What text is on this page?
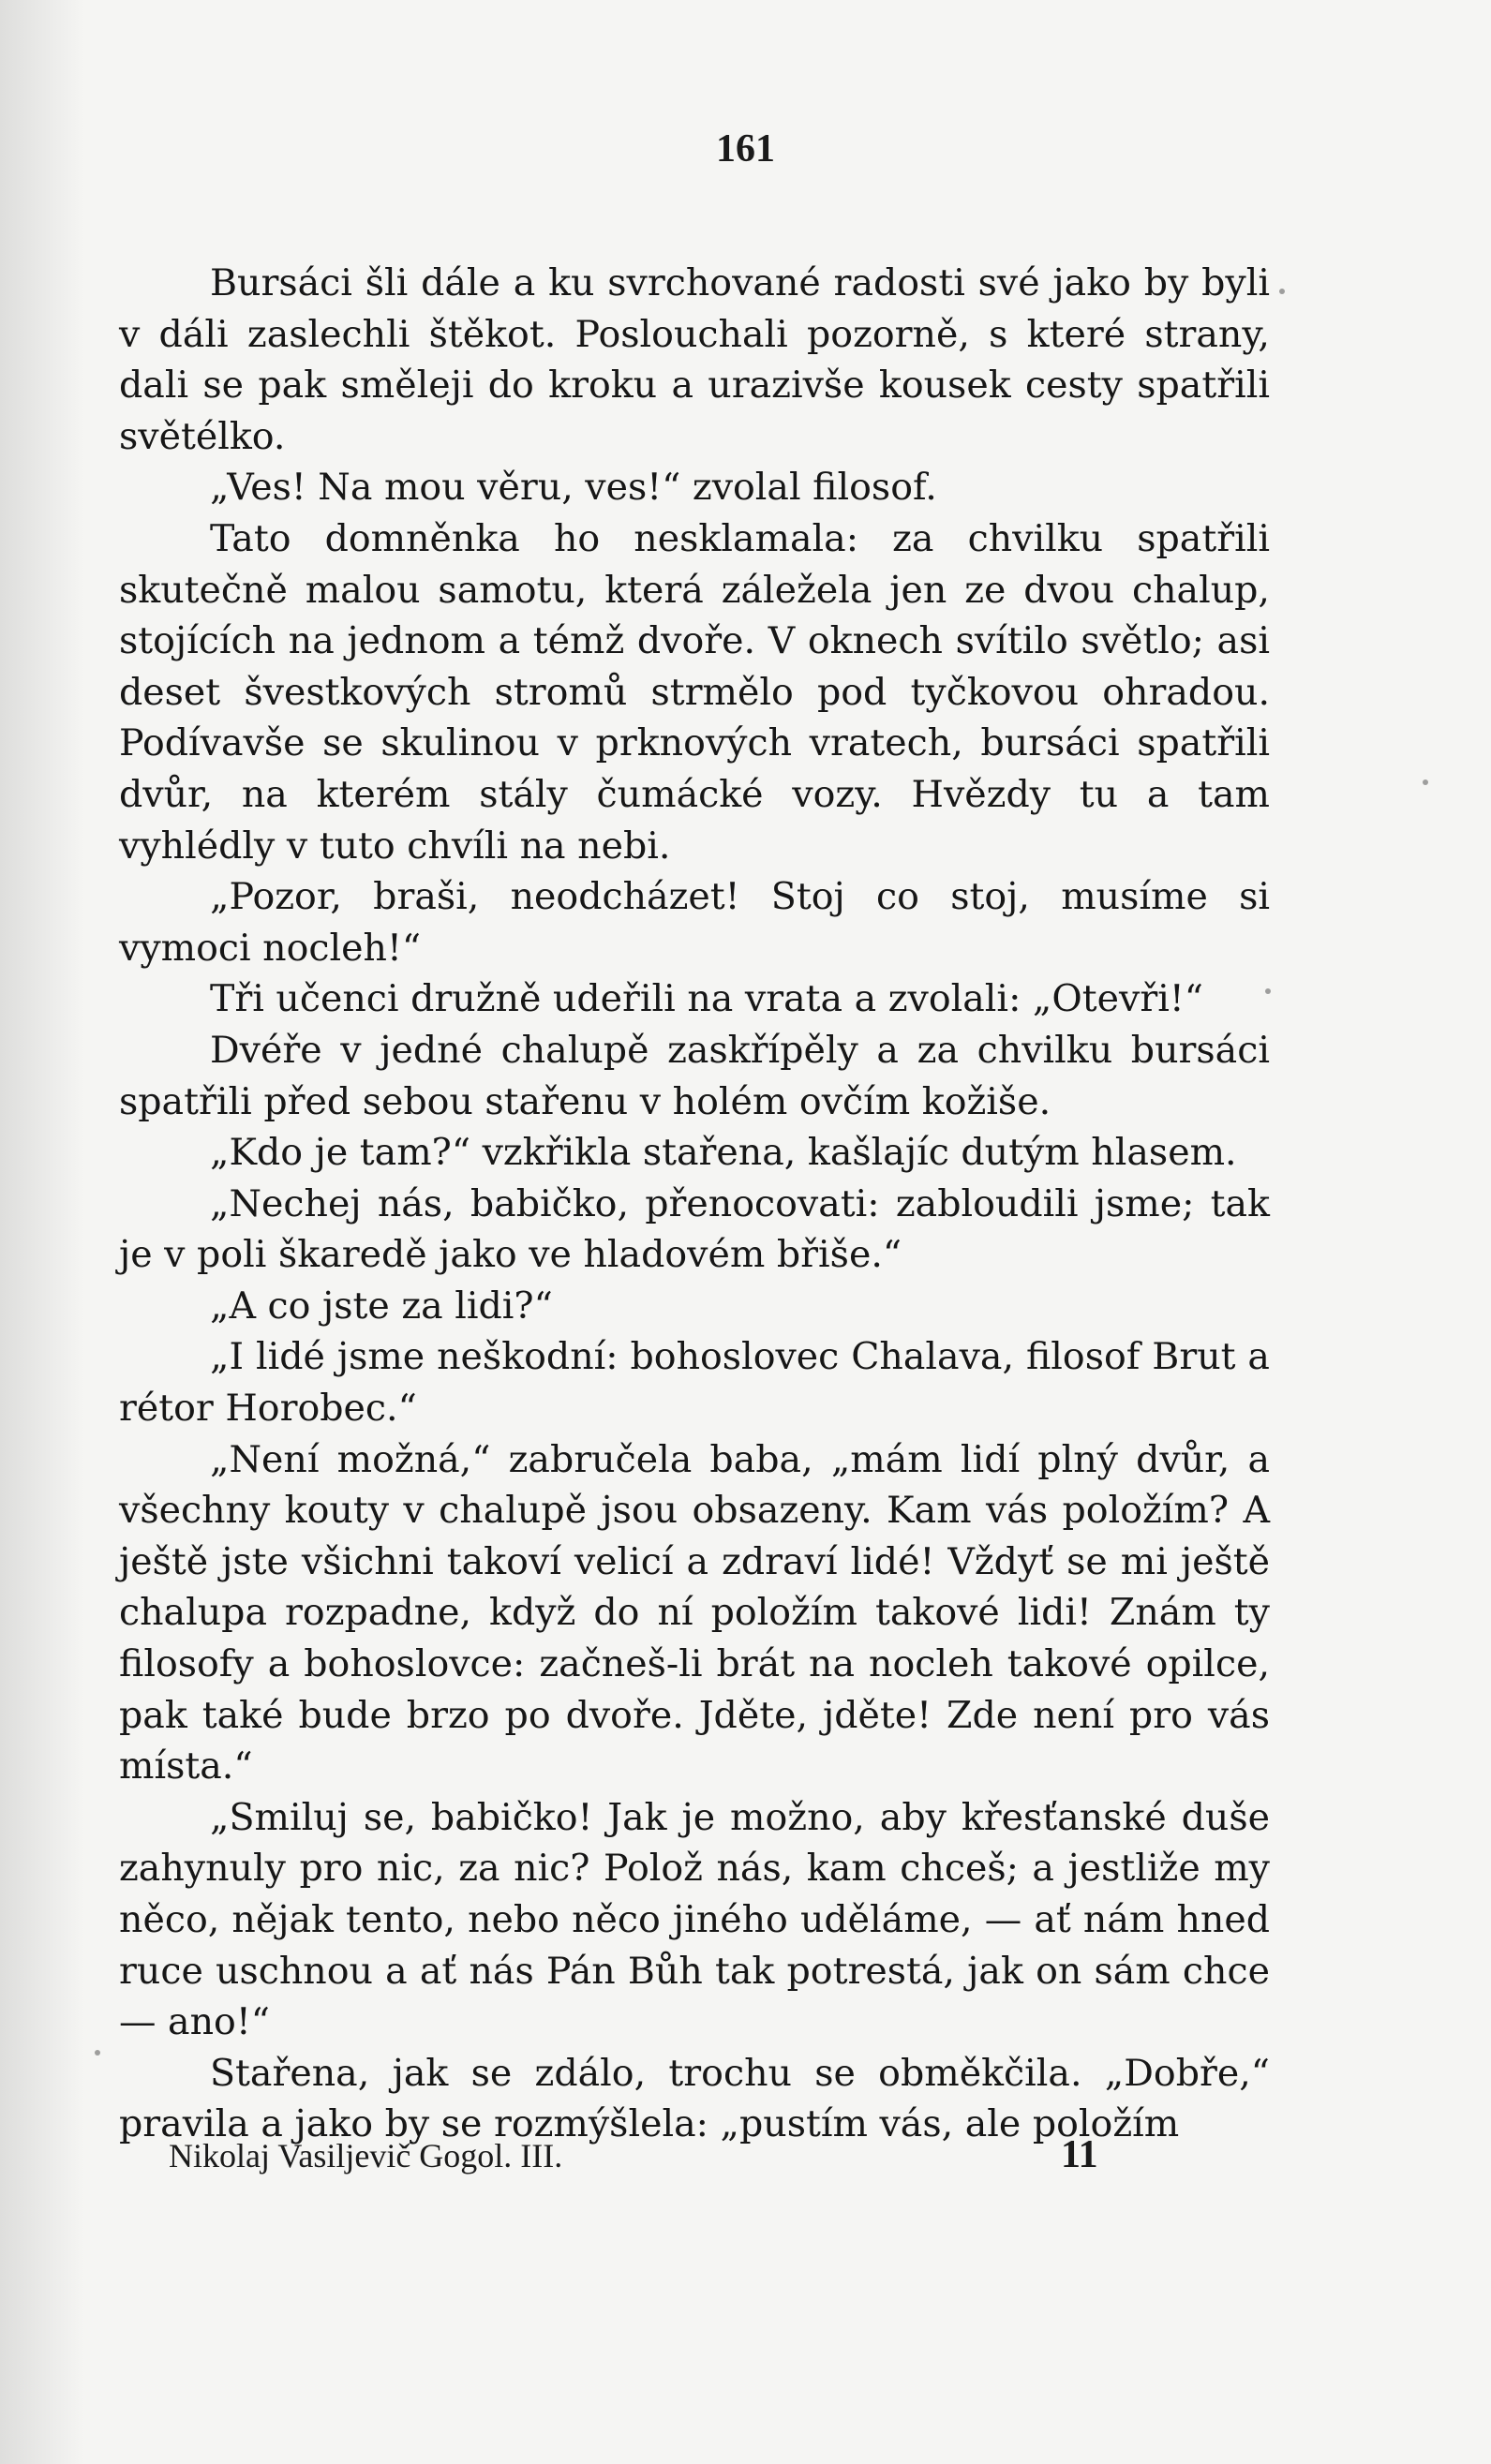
161

Bursáci šli dále a ku svrchované radosti své jako by byli v dáli zaslechli štěkot. Poslouchali pozorně, s které strany, dali se pak směleji do kroku a urazivše kousek cesty spatřili světélko.

„Ves! Na mou věru, ves!“ zvolal filosof.

Tato domněnka ho nesklamala: za chvilku spatřili skutečně malou samotu, která záležela jen ze dvou chalup, stojících na jednom a témž dvoře. V oknech svítilo světlo; asi deset švestkových stromů strmělo pod tyčkovou ohradou. Podívavše se skulinou v prknových vratech, bursáci spatřili dvůr, na kterém stály čumácké vozy. Hvězdy tu a tam vyhlédly v tuto chvíli na nebi.

„Pozor, braši, neodcházet! Stoj co stoj, musíme si vymoci nocleh!“

Tři učenci družně udeřili na vrata a zvolali: „Otevři!“

Dvéře v jedné chalupě zaskřípěly a za chvilku bursáci spatřili před sebou stařenu v holém ovčím kožiše.

„Kdo je tam?“ vzkřikla stařena, kašlajíc dutým hlasem.

„Nechej nás, babičko, přenocovati: zabloudili jsme; tak je v poli škaredě jako ve hladovém břiše.“

„A co jste za lidi?“

„I lidé jsme neškodní: bohoslovec Chalava, filosof Brut a rétor Horobec.“

„Není možná,“ zabručela baba, „mám lidí plný dvůr, a všechny kouty v chalupě jsou obsazeny. Kam vás položím? A ještě jste všichni takoví velicí a zdraví lidé! Vždyť se mi ještě chalupa rozpadne, když do ní položím takové lidi! Znám ty filosofy a bohoslovce: začneš-li brát na nocleh takové opilce, pak také bude brzo po dvoře. Jděte, jděte! Zde není pro vás místa.“

„Smiluj se, babičko! Jak je možno, aby křesťanské duše zahynuly pro nic, za nic? Polož nás, kam chceš; a jestliže my něco, nějak tento, nebo něco jiného uděláme, — ať nám hned ruce uschnou a ať nás Pán Bůh tak potrestá, jak on sám chce — ano!“

Stařena, jak se zdálo, trochu se obměkčila. „Dobře,“ pravila a jako by se rozmýšlela: „pustím vás, ale položím

Nikolaj Vasiljevič Gogol. III.	11
